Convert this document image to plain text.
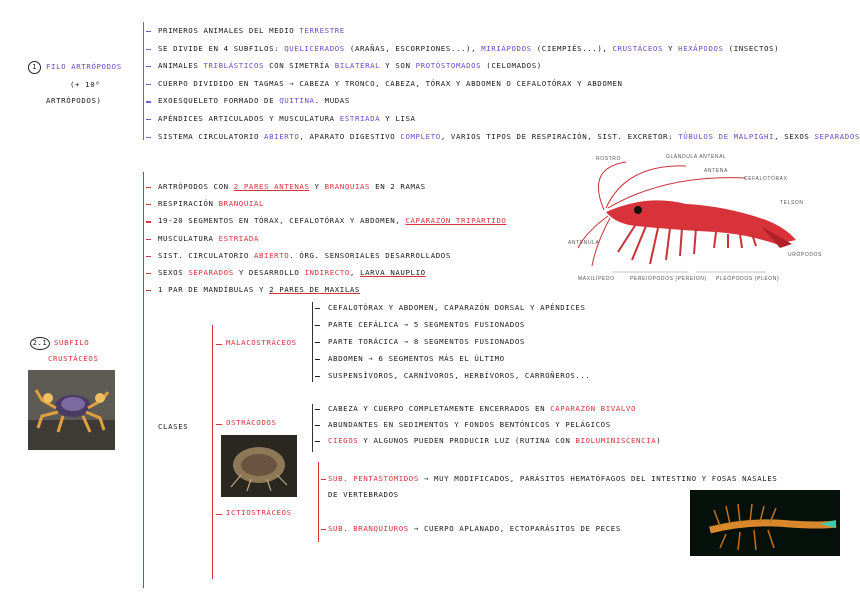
1	FILO ARTRÓPODOS
(+ 10⁶
ARTRÓPODOS)
PRIMEROS ANIMALES DEL MEDIO TERRESTRE
SE DIVIDE EN 4 SUBFILOS: QUELICERADOS (ARAÑAS, ESCORPIONES...), MIRIÁPODOS (CIEMPIÉS...), CRUSTÁCEOS Y HEXÁPODOS (INSECTOS)
ANIMALES TRIBLÁSTICOS CON SIMETRÍA BILATERAL Y SON PROTÓSTOMADOS (CELOMADOS)
CUERPO DIVIDIDO EN TAGMAS → CABEZA Y TRONCO, CABEZA, TÓRAX Y ABDOMEN O CEFALOTÓRAX Y ABDOMEN
EXOESQUELETO FORMADO DE QUITINA. MUDAS
APÉNDICES ARTICULADOS Y MUSCULATURA ESTRIADA Y LISA
SISTEMA CIRCULATORIO ABIERTO, APARATO DIGESTIVO COMPLETO, VARIOS TIPOS DE RESPIRACIÓN, SIST. EXCRETOR: TÚBULOS DE MALPIGHI, SEXOS SEPARADOS
2.1 SUBFILO
CRUSTÁCEOS
ARTRÓPODOS CON 2 PARES ANTENAS Y BRANQUIAS EN 2 RAMAS
RESPIRACIÓN BRANQUIAL
19-20 SEGMENTOS EN TÓRAX, CEFALOTÓRAX Y ABDOMEN, CAPARAZÓN TRIPARTIDO
MUSCULATURA ESTRIADA
SIST. CIRCULATORIO ABIERTO. ÓRG. SENSORIALES DESARROLLADOS
SEXOS SEPARADOS Y DESARROLLO INDIRECTO, LARVA NAUPLIO
1 PAR DE MANDÍBULAS Y 2 PARES DE MAXILAS
CEFALOTÓRAX Y ABDOMEN, CAPARAZÓN DORSAL Y APÉNDICES
PARTE CEFÁLICA → 5 SEGMENTOS FUSIONADOS
PARTE TORÁCICA → 8 SEGMENTOS FUSIONADOS
ABDOMEN → 6 SEGMENTOS MÁS EL ÚLTIMO
SUSPENSÍVOROS, CARNÍVOROS, HERBÍVOROS, CARROÑEROS...
CABEZA Y CUERPO COMPLETAMENTE ENCERRADOS EN CAPARAZÓN BIVALVO
ABUNDANTES EN SEDIMENTOS Y FONDOS BENTÓNICOS Y PELÁGICOS
CIEGOS Y ALGUNOS PUEDEN PRODUCIR LUZ (RUTINA CON BIOLUMINISCENCIA)
SUB. PENTASTÓMIDOS → MUY MODIFICADOS, PARÁSITOS HEMATÓFAGOS DEL INTESTINO Y FOSAS NASALES
DE VERTEBRADOS
SUB. BRANQUIUROS → CUERPO APLANADO, ECTOPARÁSITOS DE PECES
ROSTRO	GLÁNDULA ANTENAL
ANTENA
CEFALOTÓRAX
TELSON
ANTÉNULA
URÓPODOS
MAXILÍPEDO	PEREIÓPODOS (PEREION) PLEÓPODOS (PLEON)
CLASES
MALACOSTRÁCEOS
OSTRÁCODOS
ICTIOSTRÁCEOS
